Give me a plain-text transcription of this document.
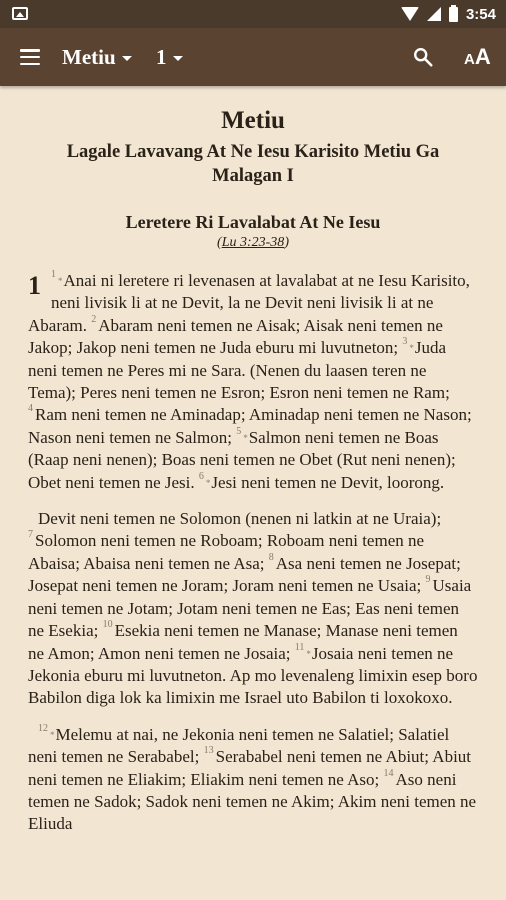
3:54
Metiu 1	A A
Metiu
Lagale Lavavang At Ne Iesu Karisito Metiu Ga Malagan I
Leretere Ri Lavalabat At Ne Iesu
(Lu 3:23-38)
1 $^{1*}$Anai ni leretere ri levenasen at lavalabat at ne Iesu Karisito, neni livisik li at ne Devit, la ne Devit neni livisik li at ne Abaram. $^2$ Abaram neni temen ne Aisak; Aisak neni temen ne Jakop; Jakop neni temen ne Juda eburu mi luvutneton; $^{3*}$Juda neni temen ne Peres mi ne Sara. (Nenen du laasen teren ne Tema); Peres neni temen ne Esron; Esron neni temen ne Ram; $^4$ Ram neni temen ne Aminadap; Aminadap neni temen ne Nason; Nason neni temen ne Salmon; $^{5*}$Salmon neni temen ne Boas (Raap neni nenen); Boas neni temen ne Obet (Rut neni nenen); Obet neni temen ne Jesi. $^{6*}$Jesi neni temen ne Devit, loorong.
Devit neni temen ne Solomon (nenen ni latkin at ne Uraia); $^7$ Solomon neni temen ne Roboam; Roboam neni temen ne Abaisa; Abaisa neni temen ne Asa; $^8$ Asa neni temen ne Josepat; Josepat neni temen ne Joram; Joram neni temen ne Usaia; $^9$ Usaia neni temen ne Jotam; Jotam neni temen ne Eas; Eas neni temen ne Esekia; $^{10}$ Esekia neni temen ne Manase; Manase neni temen ne Amon; Amon neni temen ne Josaia; $^{11*}$Josaia neni temen ne Jekonia eburu mi luvutneton. Ap mo levenaleng limixin esep boro Babilon diga lok ka limixin me Israel uto Babilon ti loxokoxo.
$^{12*}$Melemu at nai, ne Jekonia neni temen ne Salatiel; Salatiel neni temen ne Serababel; $^{13}$ Serababel neni temen ne Abiut; Abiut neni temen ne Eliakim; Eliakim neni temen ne Aso; $^{14}$ Aso neni temen ne Sadok; Sadok neni temen ne Akim; Akim neni temen ne Eliuda
